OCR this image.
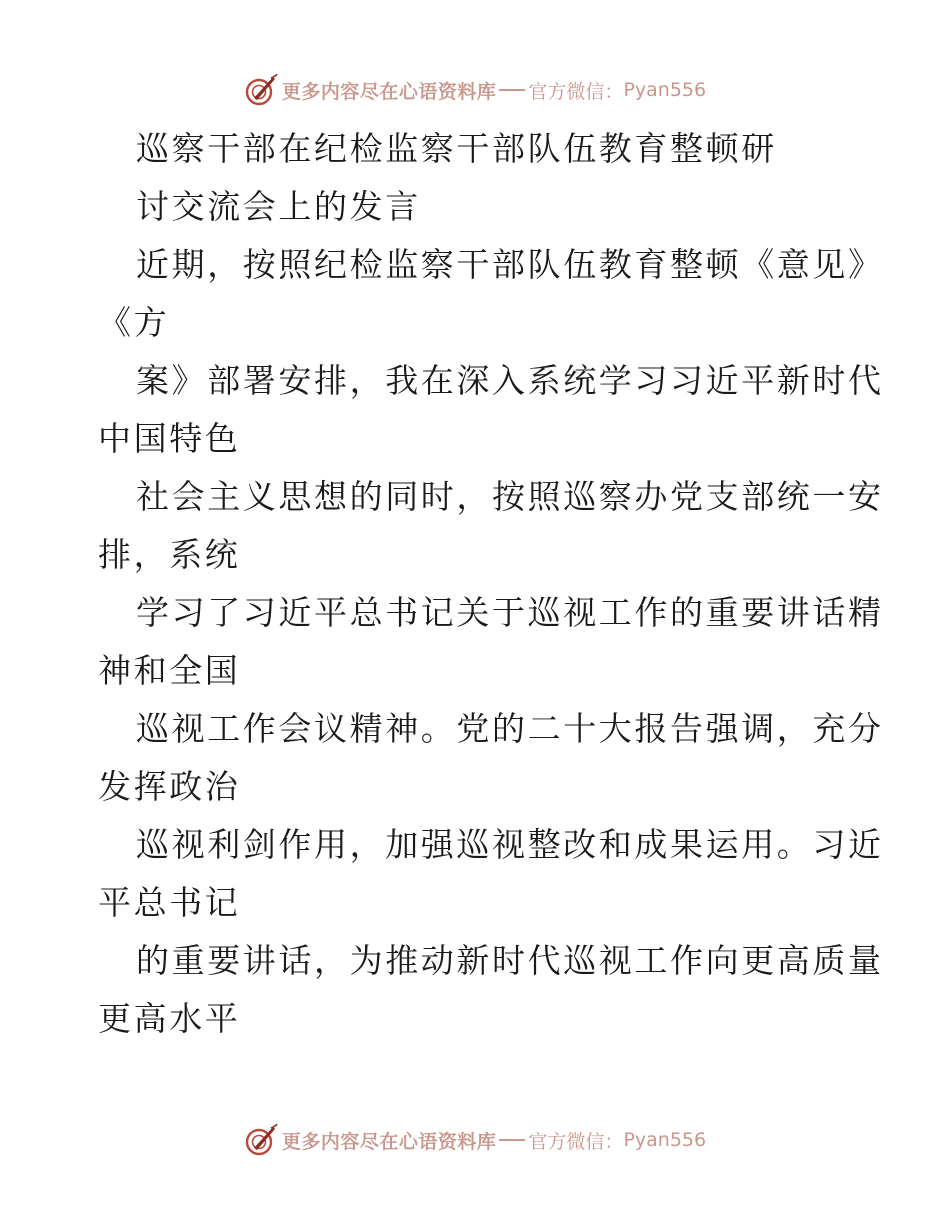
更多内容尽在心语资料库 官方微信： Pyan556
巡察干部在纪检监察干部队伍教育整顿研
讨交流会上的发言
近期，按照纪检监察干部队伍教育整顿《意见》
《方
案》部署安排，我在深入系统学习习近平新时代
中国特色
社会主义思想的同时，按照巡察办党支部统一安
排，系统
学习了习近平总书记关于巡视工作的重要讲话精
神和全国
巡视工作会议精神。党的二十大报告强调，充分
发挥政治
巡视利剑作用，加强巡视整改和成果运用。习近
平总书记
的重要讲话，为推动新时代巡视工作向更高质量
更高水平
更多内容尽在心语资料库 官方微信： Pyan556
